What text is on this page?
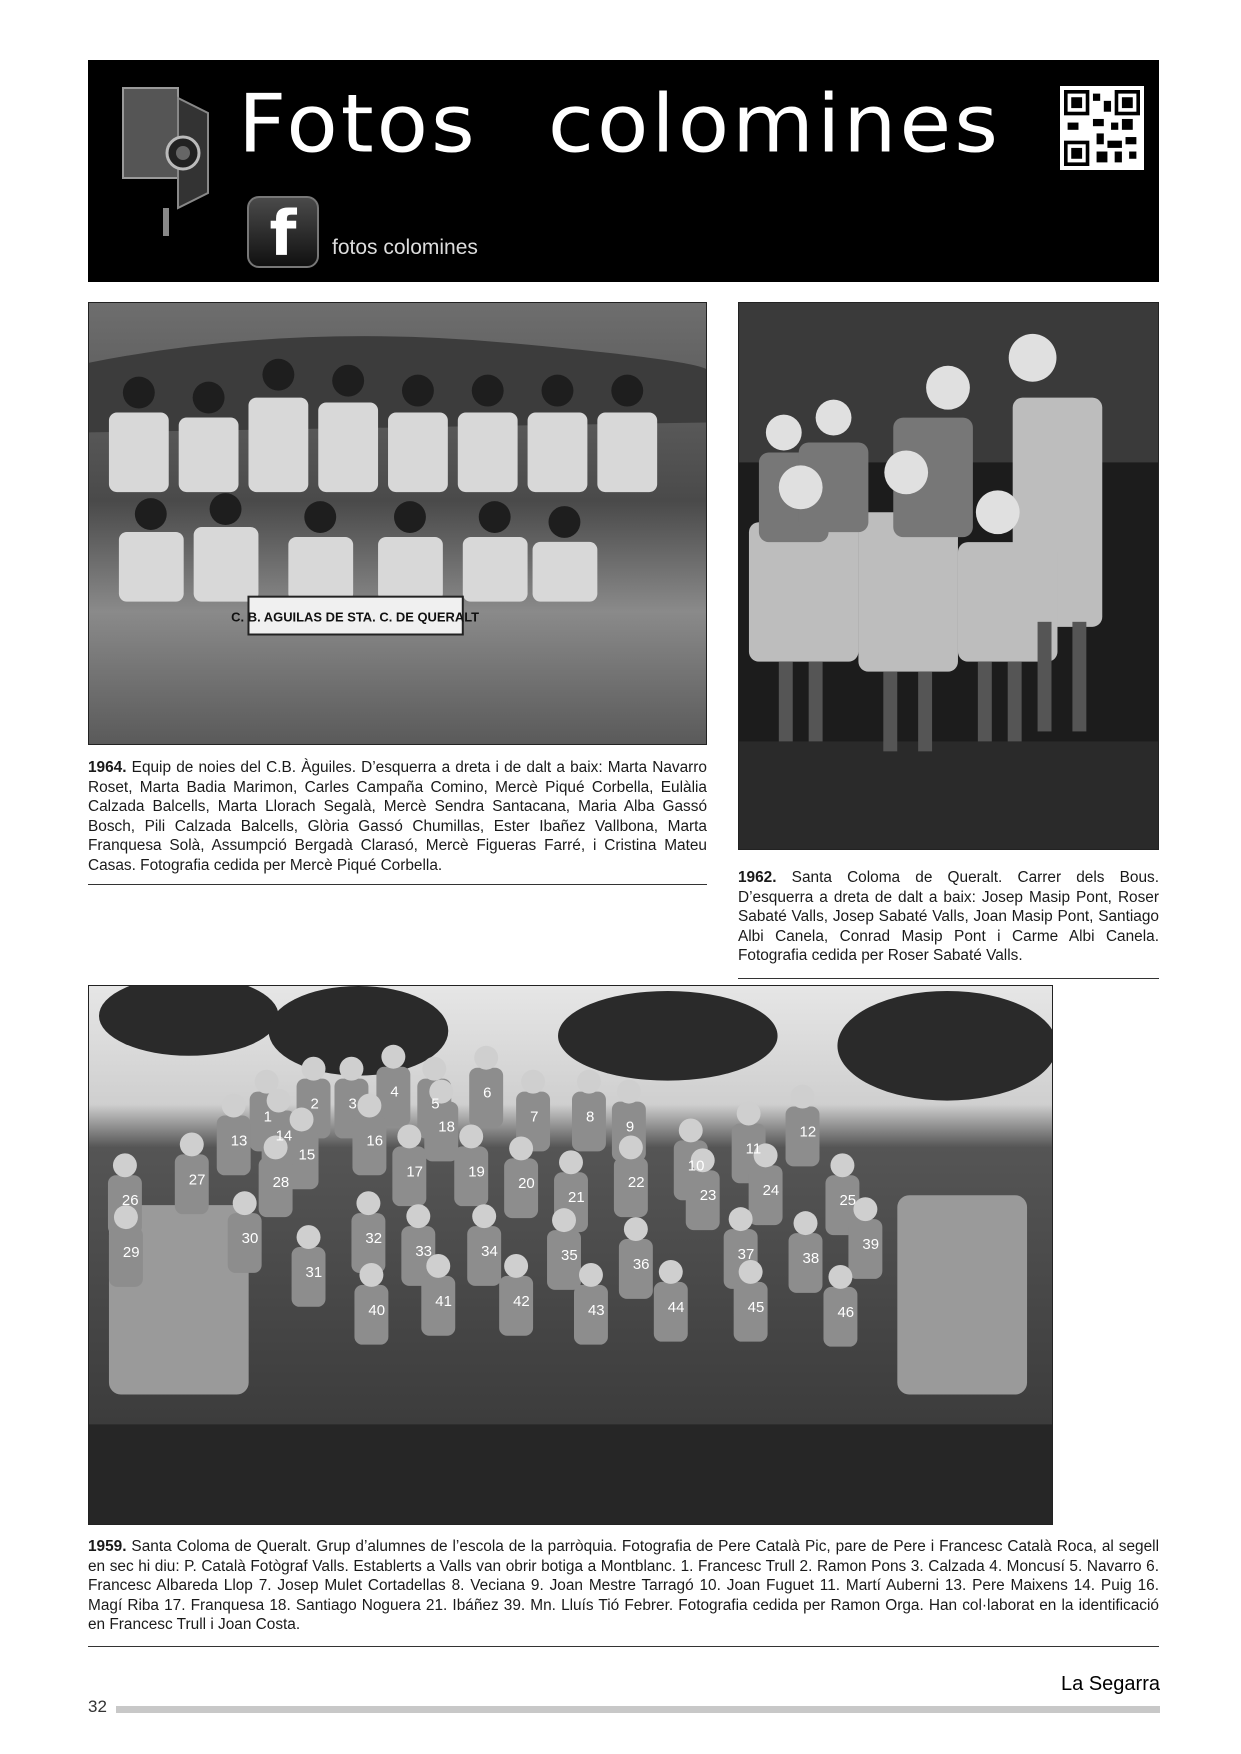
Fotos colomines
f	fotos colomines
C. B. AGUILAS DE STA. C. DE QUERALT
1964. Equip de noies del C.B. Àguiles. D’esquerra a dreta i de dalt a baix: Marta Navarro Roset, Marta Badia Marimon, Carles Campaña Comino, Mercè Piqué Corbella, Eulàlia Calzada Balcells, Marta Llorach Segalà, Mercè Sendra Santacana, Maria Alba Gassó Bosch, Pili Calzada Balcells, Glòria Gassó Chumillas, Ester Ibañez Vallbona, Marta Franquesa Solà, Assumpció Bergadà Clarasó, Mercè Figueras Farré, i Cristina Mateu Casas. Fotografia cedida per Mercè Piqué Corbella.
1962. Santa Coloma de Queralt. Carrer dels Bous. D’esquerra a dreta de dalt a baix: Josep Masip Pont, Roser Sabaté Valls, Josep Sabaté Valls, Joan Masip Pont, Santiago Albi Canela, Conrad Masip Pont i Carme Albi Canela. Fotografia cedida per Roser Sabaté Valls.
1
2 3
4
5
6
7	8
9
10
11
12
13 14
15
16
17
18
19
20
21
22
23	24
25
26
27	28
29
30
31
32
33	34	35
36
37	38
39
40
41	42
43	44	45	46
1959. Santa Coloma de Queralt. Grup d’alumnes de l’escola de la parròquia. Fotografia de Pere Català Pic, pare de Pere i Francesc Català Roca, al segell en sec hi diu: P. Català Fotògraf Valls. Establerts a Valls van obrir botiga a Montblanc. 1. Francesc Trull 2. Ramon Pons 3. Calzada 4. Moncusí 5. Navarro 6. Francesc Albareda Llop 7. Josep Mulet Cortadellas 8. Veciana 9. Joan Mestre Tarragó 10. Joan Fuguet 11. Martí Auberni 13. Pere Maixens 14. Puig 16. Magí Riba 17. Franquesa 18. Santiago Noguera 21. Ibáñez 39. Mn. Lluís Tió Febrer. Fotografia cedida per Ramon Orga. Han col·laborat en la identificació en Francesc Trull i Joan Costa.
32
La Segarra
